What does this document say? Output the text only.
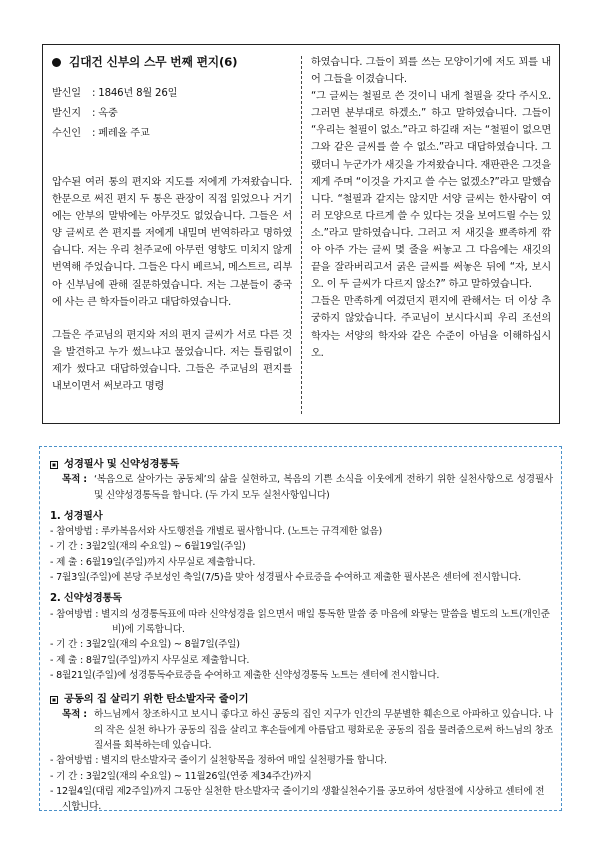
김대건 신부의 스무 번째 편지(6)
발신일	: 1846년 8월 26일
발신지	: 옥중
수신인	: 페레올 주교

압수된 여러 통의 편지와 지도를 저에게 가져왔습니다. 한문으로 써진 편지 두 통은 관장이 직접 읽었으나 거기에는 안부의 말밖에는 아무것도 없었습니다. 그들은 서양 글씨로 쓴 편지를 저에게 내밀며 번역하라고 명하였습니다. 저는 우리 천주교에 아무런 영향도 미치지 않게 번역해 주었습니다. 그들은 다시 베르뇌, 메스트르, 리부아 신부님에 관해 질문하였습니다. 저는 그분들이 중국에 사는 큰 학자들이라고 대답하였습니다.

그들은 주교님의 편지와 저의 편지 글씨가 서로 다른 것을 발견하고 누가 썼느냐고 물었습니다. 저는 틀림없이 제가 썼다고 대답하였습니다. 그들은 주교님의 편지를 내보이면서 써보라고 명령

하였습니다. 그들이 꾀를 쓰는 모양이기에 저도 꾀를 내어 그들을 이겼습니다.

“그 글씨는 철필로 쓴 것이니 내게 철필을 갖다 주시오. 그러면 분부대로 하겠소.” 하고 말하였습니다. 그들이 “우리는 철필이 없소.”라고 하길래 저는 “철필이 없으면 그와 같은 글씨를 쓸 수 없소.”라고 대답하였습니다. 그랬더니 누군가가 새깃을 가져왔습니다. 재판관은 그것을 제게 주며 “이것을 가지고 쓸 수는 없겠소?”라고 말했습니다. “철필과 같지는 않지만 서양 글씨는 한사람이 여러 모양으로 다르게 쓸 수 있다는 것을 보여드릴 수는 있소.”라고 말하였습니다. 그러고 저 새깃을 뾰족하게 깎아 아주 가는 글씨 몇 줄을 써놓고 그 다음에는 새깃의 끝을 잘라버리고서 굵은 글씨를 써놓은 뒤에 “자, 보시오. 이 두 글씨가 다르지 않소?” 하고 말하였습니다.

그들은 만족하게 여겼던지 편지에 관해서는 더 이상 추궁하지 않았습니다. 주교님이 보시다시피 우리 조선의 학자는 서양의 학자와 같은 수준이 아님을 이해하십시오.

성경필사 및 신약성경통독
목적 : ‘복음으로 살아가는 공동체’의 삶을 실현하고, 복음의 기쁜 소식을 이웃에게 전하기 위한 실천사항으로 성경필사 및 신약성경통독을 합니다. (두 가지 모두 실천사항입니다)
1. 성경필사
- 참여방법 : 루카복음서와 사도행전을 개별로 필사합니다. (노트는 규격제한 없음)
- 기 간 : 3월2일(재의 수요일) ~ 6월19일(주일)
- 제 출 : 6월19일(주일)까지 사무실로 제출합니다.
- 7월3일(주일)에 본당 주보성인 축일(7/5)을 맞아 성경필사 수료증을 수여하고 제출한 필사본은 센터에 전시합니다.
2. 신약성경통독
- 참여방법 : 별지의 성경통독표에 따라 신약성경을 읽으면서 매일 통독한 말씀 중 마음에 와닿는 말씀을 별도의 노트(개인준비)에 기록합니다.
- 기 간 : 3월2일(재의 수요일) ~ 8월7일(주일)
- 제 출 : 8월7일(주일)까지 사무실로 제출합니다.
- 8월21일(주일)에 성경통독수료증을 수여하고 제출한 신약성경통독 노트는 센터에 전시합니다.
공동의 집 살리기 위한 탄소발자국 줄이기
목적 : 하느님께서 창조하시고 보시니 좋다고 하신 공동의 집인 지구가 인간의 무분별한 훼손으로 아파하고 있습니다. 나의 작은 실천 하나가 공동의 집을 살리고 후손들에게 아름답고 평화로운 공동의 집을 물려줌으로써 하느님의 창조질서를 회복하는데 있습니다.
- 참여방법 : 별지의 탄소발자국 줄이기 실천항목을 정하여 매일 실천평가를 합니다.
- 기 간 : 3월2일(재의 수요일) ~ 11월26일(연중 제34주간)까지
- 12월4일(대림 제2주일)까지 그동안 실천한 탄소발자국 줄이기의 생활실천수기를 공모하여 성탄절에 시상하고 센터에 전시합니다.
